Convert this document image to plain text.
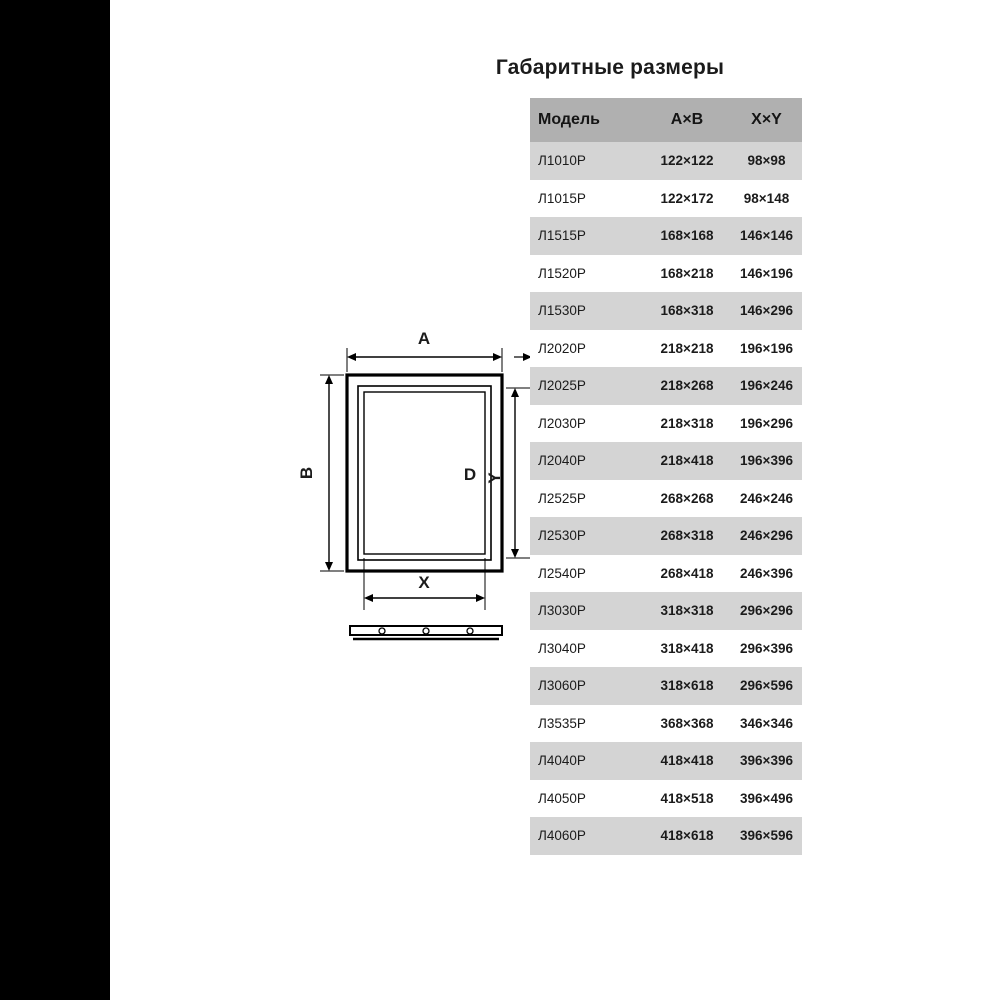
Габаритные размеры
A
B	D
X
Y
Модель	A×B	X×Y
Л1010Р	122×122	98×98
Л1015Р	122×172	98×148
Л1515Р	168×168	146×146
Л1520Р	168×218	146×196
Л1530Р	168×318	146×296
Л2020Р	218×218	196×196
Л2025Р	218×268	196×246
Л2030Р	218×318	196×296
Л2040Р	218×418	196×396
Л2525Р	268×268	246×246
Л2530Р	268×318	246×296
Л2540Р	268×418	246×396
Л3030Р	318×318	296×296
Л3040Р	318×418	296×396
Л3060Р	318×618	296×596
Л3535Р	368×368	346×346
Л4040Р	418×418	396×396
Л4050Р	418×518	396×496
Л4060Р	418×618	396×596
